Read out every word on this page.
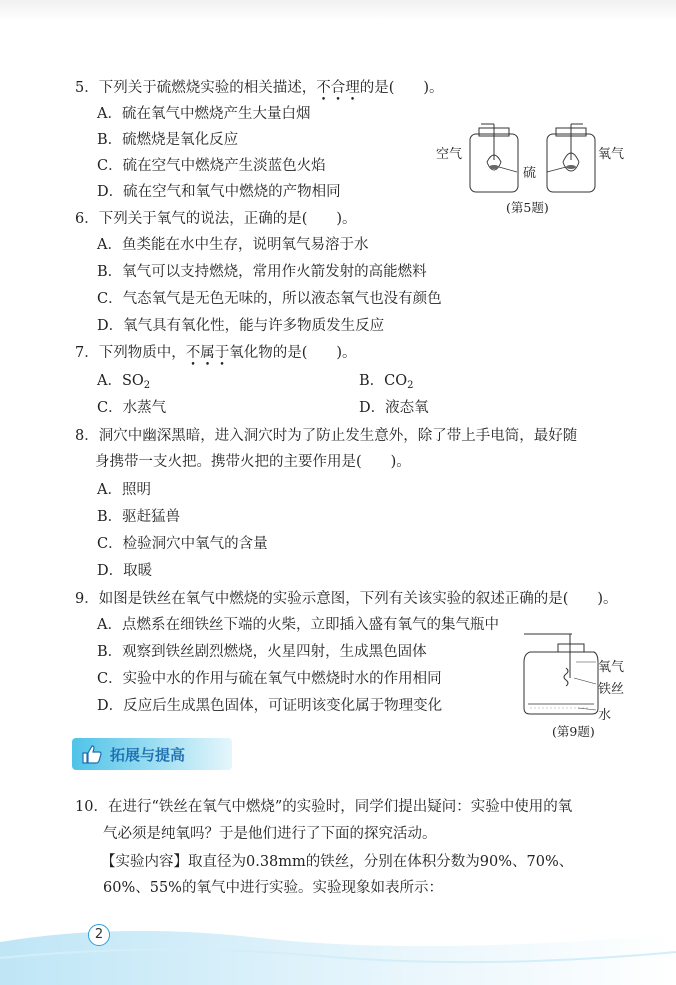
5．下列关于硫燃烧实验的相关描述，不合理的是(　　)。
A．硫在氧气中燃烧产生大量白烟
B．硫燃烧是氧化反应
C．硫在空气中燃烧产生淡蓝色火焰
D．硫在空气和氧气中燃烧的产物相同
空气
硫
氧气
(第5题)
6．下列关于氧气的说法，正确的是(　　)。
A．鱼类能在水中生存，说明氧气易溶于水
B．氧气可以支持燃烧，常用作火箭发射的高能燃料
C．气态氧气是无色无味的，所以液态氧气也没有颜色
D．氧气具有氧化性，能与许多物质发生反应
7．下列物质中，不属于氧化物的是(　　)。
A．$SO_2$	B．$CO_2$
C．水蒸气	D．液态氧
8．洞穴中幽深黑暗，进入洞穴时为了防止发生意外，除了带上手电筒，最好随
身携带一支火把。携带火把的主要作用是(　　)。
A．照明
B．驱赶猛兽
C．检验洞穴中氧气的含量
D．取暖
9．如图是铁丝在氧气中燃烧的实验示意图，下列有关该实验的叙述正确的是(　　)。
A．点燃系在细铁丝下端的火柴，立即插入盛有氧气的集气瓶中
B．观察到铁丝剧烈燃烧，火星四射，生成黑色固体
C．实验中水的作用与硫在氧气中燃烧时水的作用相同
D．反应后生成黑色固体，可证明该变化属于物理变化
氧气
铁丝
水
(第9题)
拓展与提高
10．在进行“铁丝在氧气中燃烧”的实验时，同学们提出疑问：实验中使用的氧
气必须是纯氧吗？于是他们进行了下面的探究活动。
【实验内容】取直径为0.38mm的铁丝，分别在体积分数为90%、70%、
60%、55%的氧气中进行实验。实验现象如表所示：
2
